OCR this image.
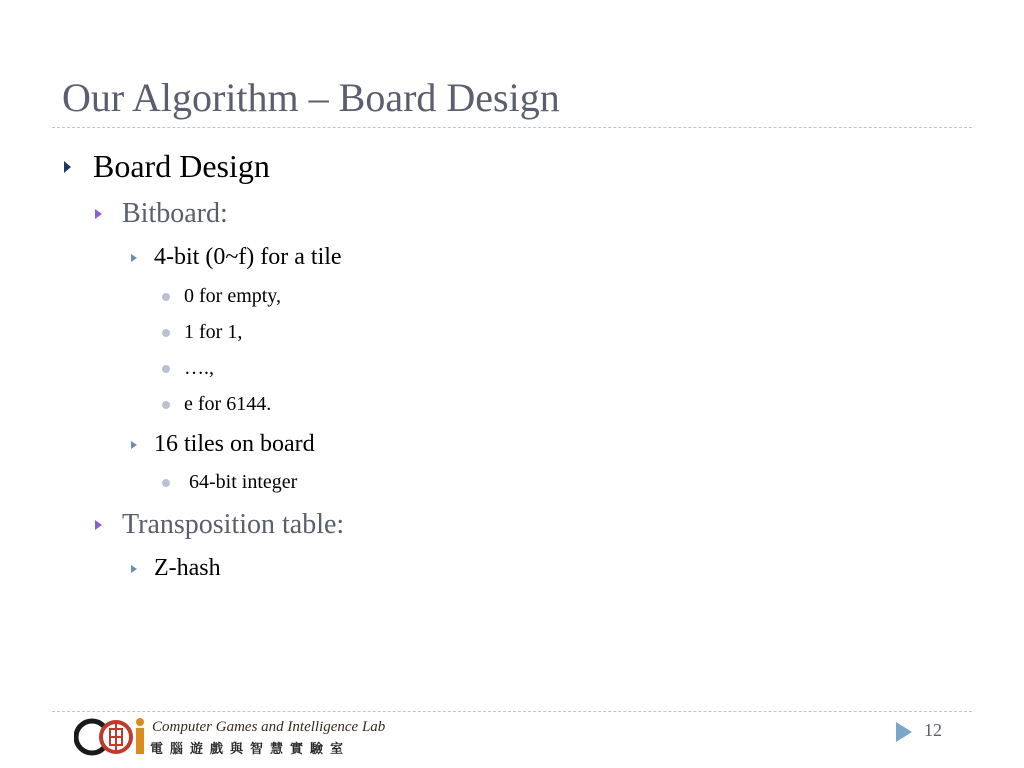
Our Algorithm – Board Design
Board Design
Bitboard:
4-bit (0~f) for a tile
0 for empty,
1 for 1,
….,
e for 6144.
16 tiles on board
64-bit integer
Transposition table:
Z-hash
Computer Games and Intelligence Lab
電腦遊戲與智慧實驗室
12
